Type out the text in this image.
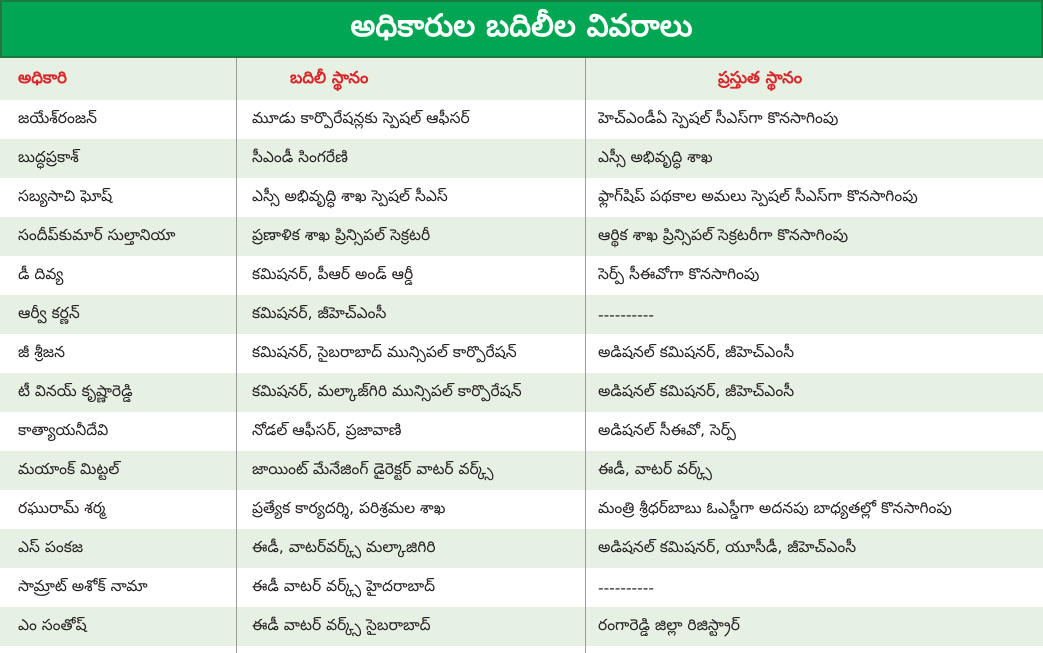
అధికారుల బదిలీల వివరాలు
అధికారి	బదిలీ స్థానం	ప్రస్తుత స్థానం
జయేశ్‌రంజన్	మూడు కార్పొరేషన్లకు స్పెషల్‌ ఆఫీసర్‌	హెచ్‌ఎండీఏ స్పెషల్‌ సీఎస్‌గా కొనసాగింపు
బుద్ధప్రకాశ్‌	సీఎండీ సింగరేణి	ఎస్సీ అభివృద్ధి శాఖ
సబ్యసాచి ఘోష్‌	ఎస్సీ అభివృద్ధి శాఖ స్పెషల్‌ సీఎస్‌	ఫ్లాగ్‌షిప్‌ పథకాల అమలు స్పెషల్‌ సీఎస్‌గా కొనసాగింపు
సందీప్‌కుమార్‌ సుల్తానియా	ప్రణాళిక శాఖ ప్రిన్సిపల్‌ సెక్రటరీ	ఆర్థిక శాఖ ప్రిన్సిపల్‌ సెక్రటరీగా కొనసాగింపు
డీ దివ్య	కమిషనర్‌, పీఆర్‌ అండ్‌ ఆర్డీ	సెర్ప్‌ సీఈవోగా కొనసాగింపు
ఆర్వీ కర్ణన్‌	కమిషనర్‌, జీహెచ్‌ఎంసీ	----------
జీ శ్రీజన	కమిషనర్‌, సైబరాబాద్‌ మున్సిపల్‌ కార్పొరేషన్‌	అడిషనల్‌ కమిషనర్‌, జీహెచ్‌ఎంసీ
టీ వినయ్‌ కృష్ణారెడ్డి	కమిషనర్‌, మల్కాజ్‌గిరి మున్సిపల్‌ కార్పొరేషన్‌	అడిషనల్‌ కమిషనర్‌, జీహెచ్‌ఎంసీ
కాత్యాయనీదేవి	నోడల్‌ ఆఫీసర్‌, ప్రజావాణి	అడిషనల్‌ సీఈవో, సెర్ప్‌
మయాంక్‌ మిట్టల్‌	జాయింట్‌ మేనేజింగ్‌ డైరెక్టర్‌ వాటర్‌ వర్క్స్‌	ఈడీ, వాటర్‌ వర్క్స్‌
రఘురామ్‌ శర్మ	ప్రత్యేక కార్యదర్శి, పరిశ్రమల శాఖ	మంత్రి శ్రీధర్‌బాబు ఓఎస్డీగా అదనపు బాధ్యతల్లో కొనసాగింపు
ఎస్‌ పంకజ	ఈడీ, వాటర్‌వర్క్స్‌ మల్కాజిగిరి	అడిషనల్‌ కమిషనర్‌, యూసీడీ, జీహెచ్‌ఎంసీ
సామ్రాట్‌ అశోక్‌ నామా	ఈడీ వాటర్‌ వర్క్స్‌ హైదరాబాద్‌	----------
ఎం సంతోష్‌	ఈడీ వాటర్‌ వర్క్స్‌ సైబరాబాద్‌	రంగారెడ్డి జిల్లా రిజిస్ట్రార్‌
